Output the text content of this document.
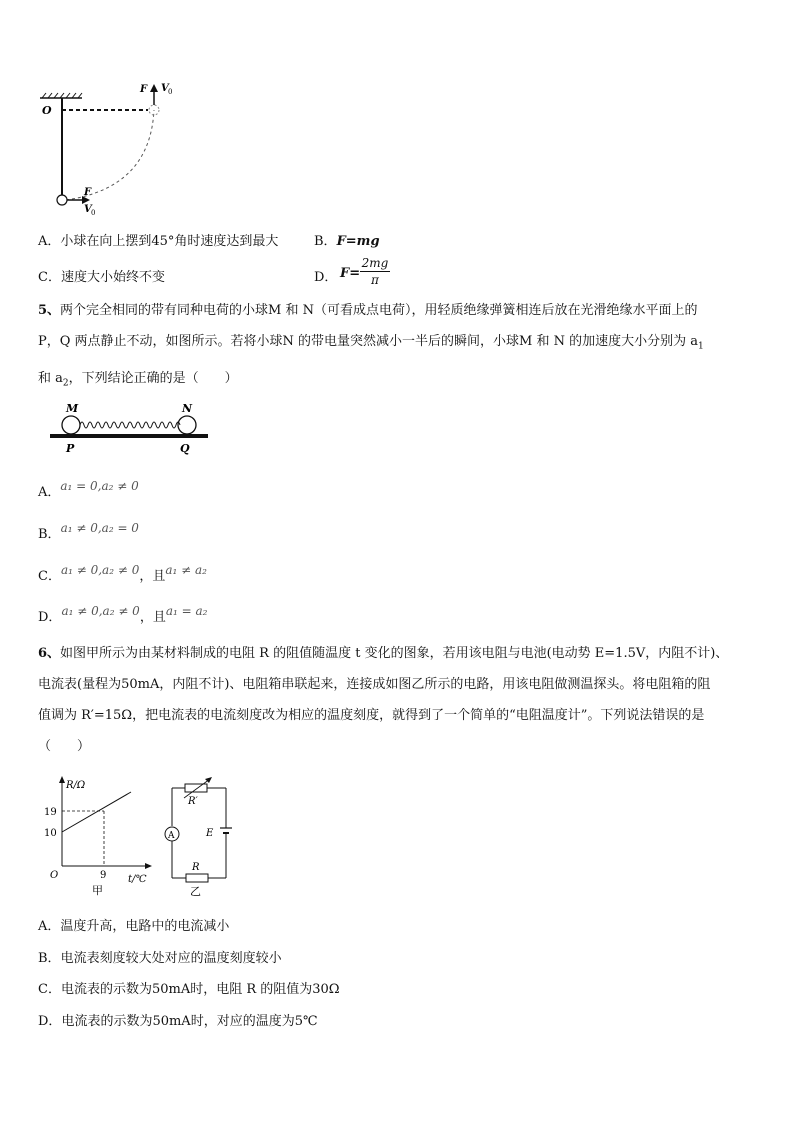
O
F V 0
F
V 0
A．小球在向上摆到45°角时速度达到最大	B．F=mg
C．速度大小始终不变	D． F=
2mg
π
5、两个完全相同的带有同种电荷的小球M 和 N（可看成点电荷），用轻质绝缘弹簧相连后放在光滑绝缘水平面上的
P，Q 两点静止不动，如图所示。若将小球N 的带电量突然减小一半后的瞬间，小球M 和 N 的加速度大小分别为 $a_1$
和 $a_2$，下列结论正确的是（　　）
M	N
P	Q
A．a₁ = 0,a₂ ≠ 0
B．a₁ ≠ 0,a₂ = 0
C．a₁ ≠ 0,a₂ ≠ 0，且a₁ ≠ a₂
D．a₁ ≠ 0,a₂ ≠ 0，且a₁ = a₂
6、如图甲所示为由某材料制成的电阻 R 的阻值随温度 t 变化的图象，若用该电阻与电池(电动势 E=1.5V，内阻不计)、
电流表(量程为50mA，内阻不计)、电阻箱串联起来，连接成如图乙所示的电路，用该电阻做测温探头。将电阻箱的阻
值调为 R′=15Ω，把电流表的电流刻度改为相应的温度刻度，就得到了一个简单的“电阻温度计”。下列说法错误的是
（　　）
R/Ω
19
10
O	9 t/℃
甲
R′
A	E
R
乙
A．温度升高，电路中的电流减小
B．电流表刻度较大处对应的温度刻度较小
C．电流表的示数为50mA时，电阻 R 的阻值为30Ω
D．电流表的示数为50mA时，对应的温度为5℃
